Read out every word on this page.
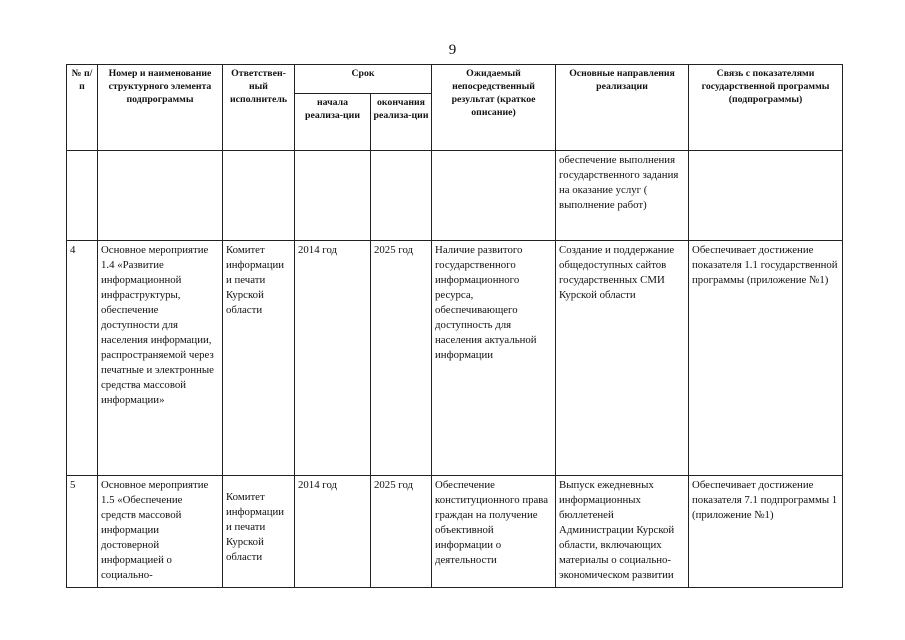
9
№ п/п	Номер и наименование структурного элемента подпрограммы	Ответствен-ный исполнитель	Срок		Ожидаемый непосредственный результат (краткое описание)	Основные направления реализации	Связь с показателями государственной программы (подпрограммы)
			начала реализа-ции	окончания реализа-ции			
						обеспечение выполнения государственного задания на оказание услуг ( выполнение работ)	
4	Основное мероприятие 1.4 «Развитие информационной инфраструктуры, обеспечение доступности для населения информации, распространяемой через печатные и электронные средства массовой информации»	Комитет информации и печати Курской области	2014 год	2025 год	Наличие развитого государственного информационного ресурса, обеспечивающего доступность для населения актуальной информации	Создание и поддержание общедоступных сайтов государственных СМИ Курской области	Обеспечивает достижение показателя 1.1 государственной программы (приложение №1)
5	Основное мероприятие 1.5 «Обеспечение средств массовой информации достоверной информацией о социально-	Комитет информации и печати Курской области	2014 год	2025 год	Обеспечение конституционного права граждан на получение объективной информации о деятельности	Выпуск ежедневных информационных бюллетеней Администрации Курской области, включающих материалы о социально-экономическом развитии	Обеспечивает достижение показателя 7.1 подпрограммы 1 (приложение №1)
